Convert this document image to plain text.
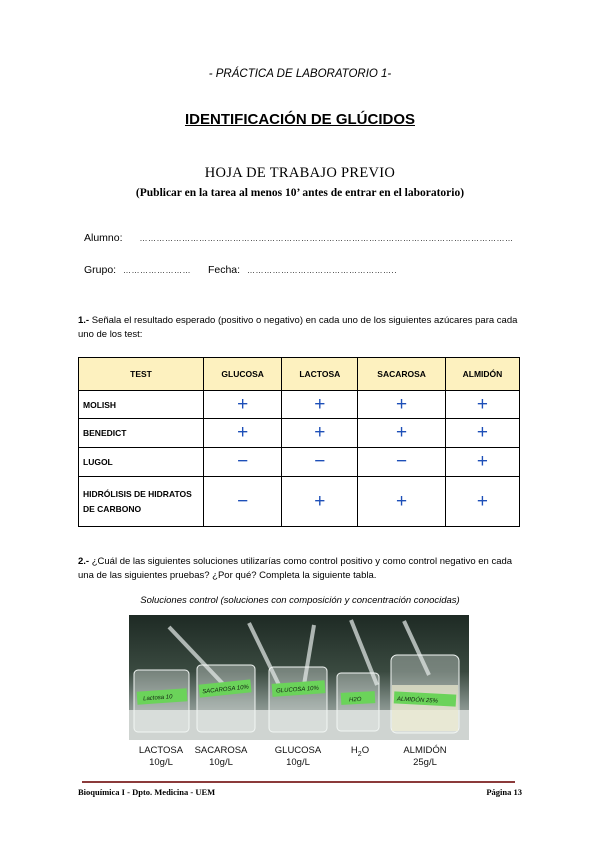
- PRÁCTICA DE LABORATORIO 1-
IDENTIFICACIÓN DE GLÚCIDOS
HOJA DE TRABAJO PREVIO
(Publicar en la tarea al menos 10’ antes de entrar en el laboratorio)
Alumno: ……………………………………………………………………………………………………………………
Grupo: …………………… Fecha: ……………………………………………..
1.- Señala el resultado esperado (positivo o negativo) en cada uno de los siguientes azúcares para cada uno de los test:
TEST	GLUCOSA	LACTOSA	SACAROSA	ALMIDÓN
MOLISH	+	+	+	+
BENEDICT	+	+	+	+
LUGOL	−	−	−	+
HIDRÓLISIS DE HIDRATOS DE CARBONO	−	+	+	+
2.- ¿Cuál de las siguientes soluciones utilizarías como control positivo y como control negativo en cada una de las siguientes pruebas? ¿Por qué? Completa la siguiente tabla.
Soluciones control (soluciones con composición y concentración conocidas)
Lactosa 10
SACAROSA 10%	GLUCOSA 10%
H2O	ALMIDÓN 25%
LACTOSA
10g/L
SACAROSA
10g/L
GLUCOSA
10g/L
$H_2O$	ALMIDÓN
25g/L
Bioquímica I - Dpto. Medicina - UEM	Página 13
